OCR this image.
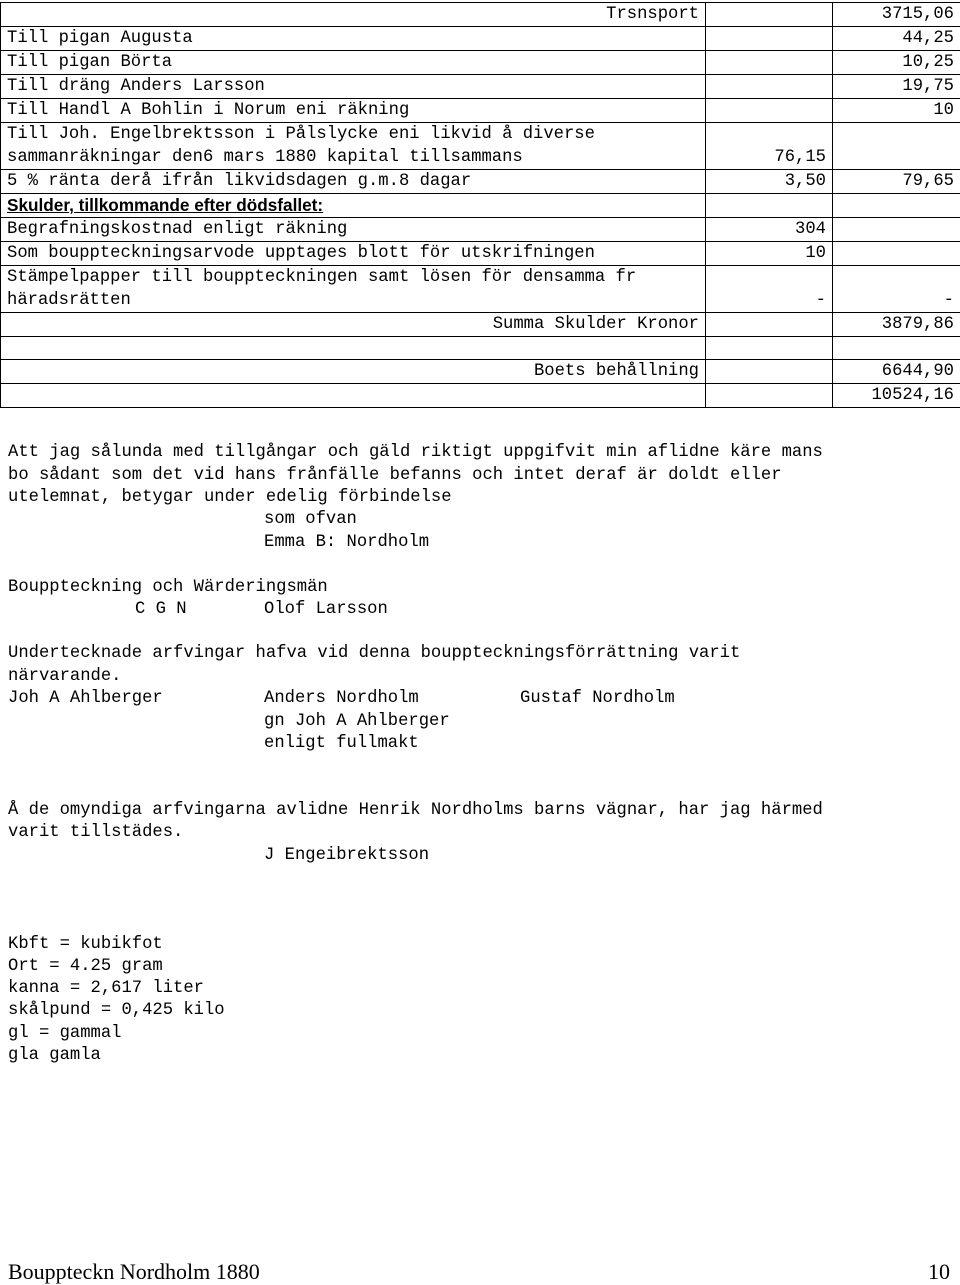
Trsnsport		3715,06
Till pigan Augusta		44,25
Till pigan Börta		10,25
Till dräng Anders Larsson		19,75
Till Handl A Bohlin i Norum eni räkning		10
Till Joh. Engelbrektsson i Pålslycke eni likvid å diverse sammanräkningar den6 mars 1880 kapital tillsammans	76,15	
5 % ränta derå ifrån likvidsdagen g.m.8 dagar	3,50	79,65
Skulder, tillkommande efter dödsfallet:		
Begrafningskostnad enligt räkning	304	
Som bouppteckningsarvode upptages blott för utskrifningen	10	
Stämpelpapper till bouppteckningen samt lösen för densamma fr häradsrätten	-	-
Summa Skulder Kronor		3879,86

Boets behållning		6644,90
		10524,16
Att jag sålunda med tillgångar och gäld riktigt uppgifvit min aflidne käre mans
bo sådant som det vid hans frånfälle befanns och intet deraf är doldt eller
utelemnat, betygar under edelig förbindelse
som ofvan
Emma B: Nordholm
Bouppteckning och Wärderingsmän
C G N	Olof Larsson
Undertecknade arfvingar hafva vid denna bouppteckningsförrättning varit
närvarande.
Joh A Ahlberger	Anders Nordholm	Gustaf Nordholm
gn Joh A Ahlberger
enligt fullmakt
Å de omyndiga arfvingarna avlidne Henrik Nordholms barns vägnar, har jag härmed
varit tillstädes.
J Engeibrektsson
Kbft = kubikfot
Ort = 4.25 gram
kanna = 2,617 liter
skålpund = 0,425 kilo
gl = gammal
gla gamla
Bouppteckn Nordholm 1880	10
